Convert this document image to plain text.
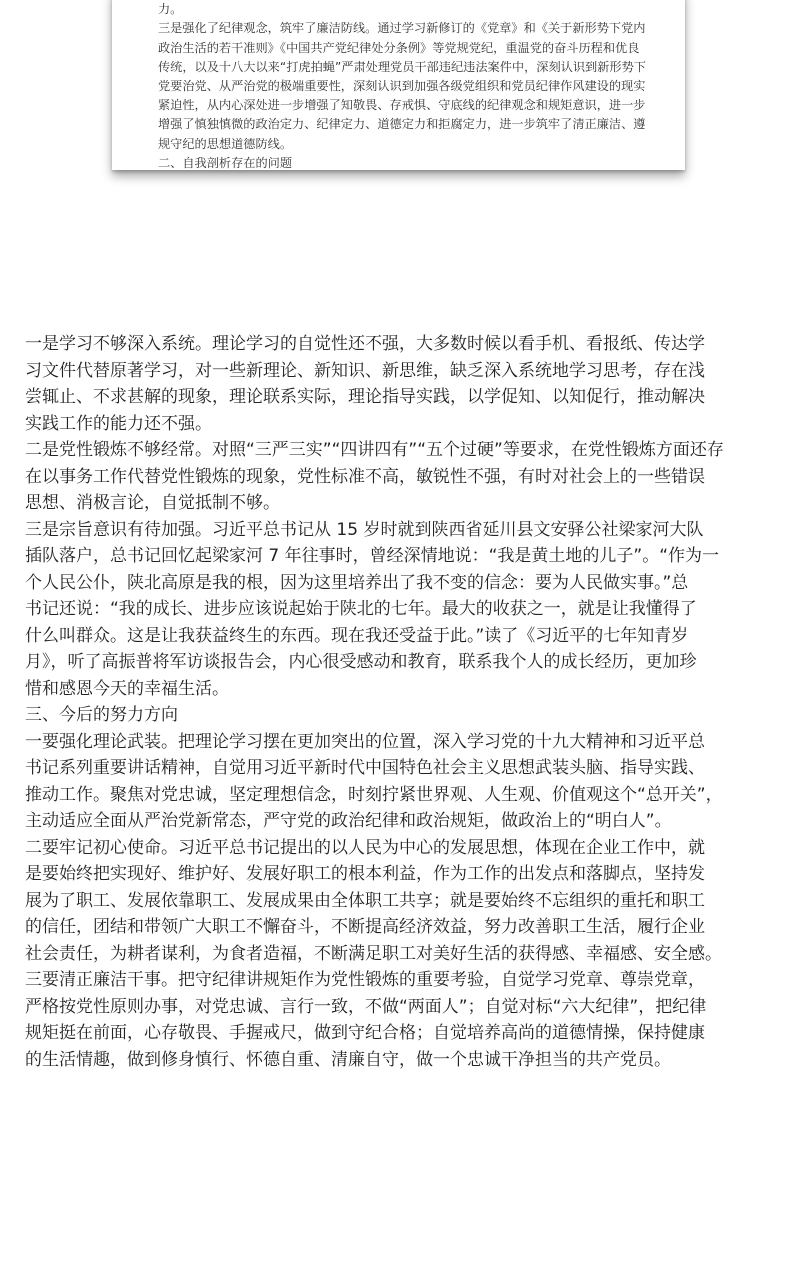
力。

三是强化了纪律观念，筑牢了廉洁防线。通过学习新修订的《党章》和《关于新形势下党内

政治生活的若干准则》《中国共产党纪律处分条例》等党规党纪，重温党的奋斗历程和优良

传统，以及十八大以来“打虎拍蝇”严肃处理党员干部违纪违法案件中，深刻认识到新形势下

党要治党、从严治党的极端重要性，深刻认识到加强各级党组织和党员纪律作风建设的现实

紧迫性，从内心深处进一步增强了知敬畏、存戒惧、守底线的纪律观念和规矩意识，进一步

增强了慎独慎微的政治定力、纪律定力、道德定力和拒腐定力，进一步筑牢了清正廉洁、遵

规守纪的思想道德防线。

二、自我剖析存在的问题

一是学习不够深入系统。理论学习的自觉性还不强，大多数时候以看手机、看报纸、传达学

习文件代替原著学习，对一些新理论、新知识、新思维，缺乏深入系统地学习思考，存在浅

尝辄止、不求甚解的现象，理论联系实际，理论指导实践，以学促知、以知促行，推动解决

实践工作的能力还不强。

二是党性锻炼不够经常。对照“三严三实”“四讲四有”“五个过硬”等要求，在党性锻炼方面还存

在以事务工作代替党性锻炼的现象，党性标准不高，敏锐性不强，有时对社会上的一些错误

思想、消极言论，自觉抵制不够。

三是宗旨意识有待加强。习近平总书记从 15 岁时就到陕西省延川县文安驿公社梁家河大队

插队落户，总书记回忆起梁家河 7 年往事时，曾经深情地说：“我是黄土地的儿子”。“作为一

个人民公仆，陕北高原是我的根，因为这里培养出了我不变的信念：要为人民做实事。”总

书记还说：“我的成长、进步应该说起始于陕北的七年。最大的收获之一，就是让我懂得了

什么叫群众。这是让我获益终生的东西。现在我还受益于此。”读了《习近平的七年知青岁

月》，听了高振普将军访谈报告会，内心很受感动和教育，联系我个人的成长经历，更加珍

惜和感恩今天的幸福生活。

三、今后的努力方向

一要强化理论武装。把理论学习摆在更加突出的位置，深入学习党的十九大精神和习近平总

书记系列重要讲话精神，自觉用习近平新时代中国特色社会主义思想武装头脑、指导实践、

推动工作。聚焦对党忠诚，坚定理想信念，时刻拧紧世界观、人生观、价值观这个“总开关”，

主动适应全面从严治党新常态，严守党的政治纪律和政治规矩，做政治上的“明白人”。

二要牢记初心使命。习近平总书记提出的以人民为中心的发展思想，体现在企业工作中，就

是要始终把实现好、维护好、发展好职工的根本利益，作为工作的出发点和落脚点，坚持发

展为了职工、发展依靠职工、发展成果由全体职工共享；就是要始终不忘组织的重托和职工

的信任，团结和带领广大职工不懈奋斗，不断提高经济效益，努力改善职工生活，履行企业

社会责任，为耕者谋利，为食者造福，不断满足职工对美好生活的获得感、幸福感、安全感。

三要清正廉洁干事。把守纪律讲规矩作为党性锻炼的重要考验，自觉学习党章、尊崇党章，

严格按党性原则办事，对党忠诚、言行一致，不做“两面人”；自觉对标“六大纪律”，把纪律

规矩挺在前面，心存敬畏、手握戒尺，做到守纪合格；自觉培养高尚的道德情操，保持健康

的生活情趣，做到修身慎行、怀德自重、清廉自守，做一个忠诚干净担当的共产党员。
